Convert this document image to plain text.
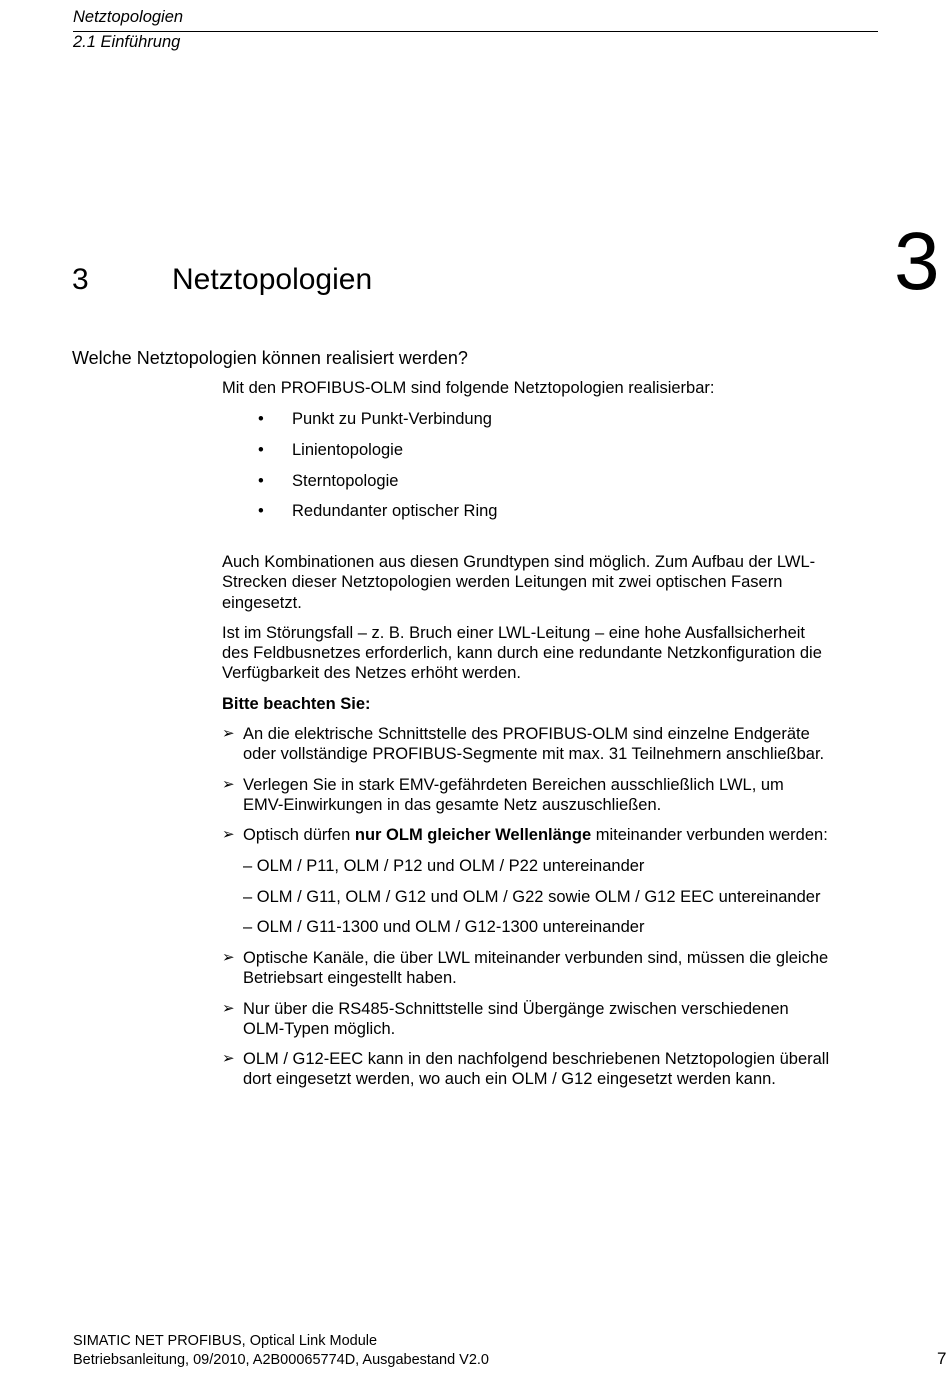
Netztopologien
2.1 Einführung
3	Netztopologien	3
Welche Netztopologien können realisiert werden?
Mit den PROFIBUS-OLM sind folgende Netztopologien realisierbar:
• Punkt zu Punkt-Verbindung
• Linientopologie
• Sterntopologie
• Redundanter optischer Ring
Auch Kombinationen aus diesen Grundtypen sind möglich. Zum Aufbau der LWL-
Strecken dieser Netztopologien werden Leitungen mit zwei optischen Fasern
eingesetzt.
Ist im Störungsfall – z. B. Bruch einer LWL-Leitung – eine hohe Ausfallsicherheit
des Feldbusnetzes erforderlich, kann durch eine redundante Netzkonfiguration die
Verfügbarkeit des Netzes erhöht werden.
Bitte beachten Sie:
➢ An die elektrische Schnittstelle des PROFIBUS-OLM sind einzelne Endgeräte
oder vollständige PROFIBUS-Segmente mit max. 31 Teilnehmern anschließbar.
➢ Verlegen Sie in stark EMV-gefährdeten Bereichen ausschließlich LWL, um
EMV-Einwirkungen in das gesamte Netz auszuschließen.
➢ Optisch dürfen nur OLM gleicher Wellenlänge miteinander verbunden werden:
– OLM / P11, OLM / P12 und OLM / P22 untereinander
– OLM / G11, OLM / G12 und OLM / G22 sowie OLM / G12 EEC untereinander
– OLM / G11-1300 und OLM / G12-1300 untereinander
➢ Optische Kanäle, die über LWL miteinander verbunden sind, müssen die gleiche
Betriebsart eingestellt haben.
➢ Nur über die RS485-Schnittstelle sind Übergänge zwischen verschiedenen
OLM-Typen möglich.
➢ OLM / G12-EEC kann in den nachfolgend beschriebenen Netztopologien überall
dort eingesetzt werden, wo auch ein OLM / G12 eingesetzt werden kann.
SIMATIC NET PROFIBUS, Optical Link Module
Betriebsanleitung, 09/2010, A2B00065774D, Ausgabestand V2.0	7
